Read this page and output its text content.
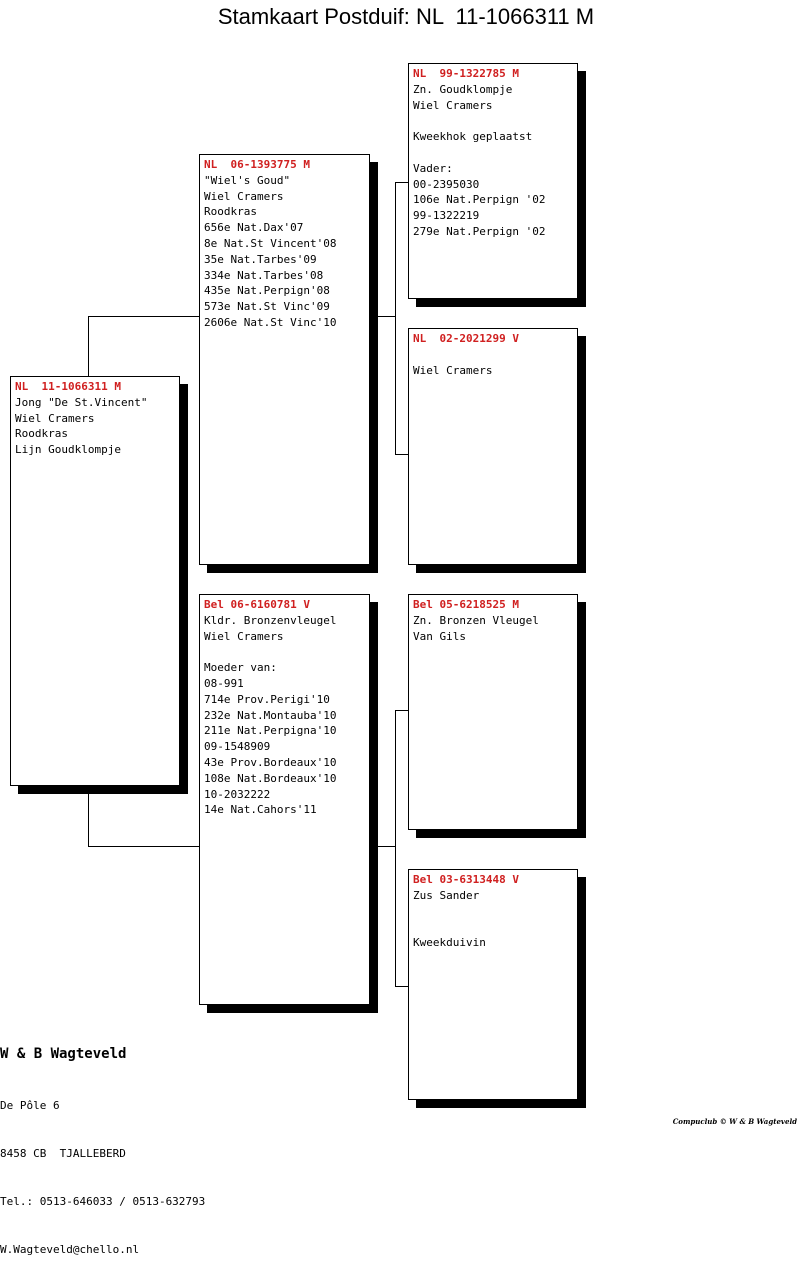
Stamkaart Postduif: NL  11-1066311 M
NL  11-1066311 M
Jong "De St.Vincent"
Wiel Cramers
Roodkras
Lijn Goudklompje
NL  06-1393775 M
"Wiel's Goud"
Wiel Cramers
Roodkras
656e Nat.Dax'07
8e Nat.St Vincent'08
35e Nat.Tarbes'09
334e Nat.Tarbes'08
435e Nat.Perpign'08
573e Nat.St Vinc'09
2606e Nat.St Vinc'10
Bel 06-6160781 V
Kldr. Bronzenvleugel
Wiel Cramers
Moeder van:
08-991
714e Prov.Perigi'10
232e Nat.Montauba'10
211e Nat.Perpigna'10
09-1548909
43e Prov.Bordeaux'10
108e Nat.Bordeaux'10
10-2032222
14e Nat.Cahors'11
NL  99-1322785 M
Zn. Goudklompje
Wiel Cramers
Kweekhok geplaatst
Vader:
00-2395030
106e Nat.Perpign '02
99-1322219
279e Nat.Perpign '02
NL  02-2021299 V
Wiel Cramers
Bel 05-6218525 M
Zn. Bronzen Vleugel
Van Gils
Bel 03-6313448 V
Zus Sander
Kweekduivin

W & B Wagteveld

De Pôle 6

8458 CB  TJALLEBERD

Tel.: 0513-646033 / 0513-632793

W.Wagteveld@chello.nl

Compuclub © W & B Wagteveld
